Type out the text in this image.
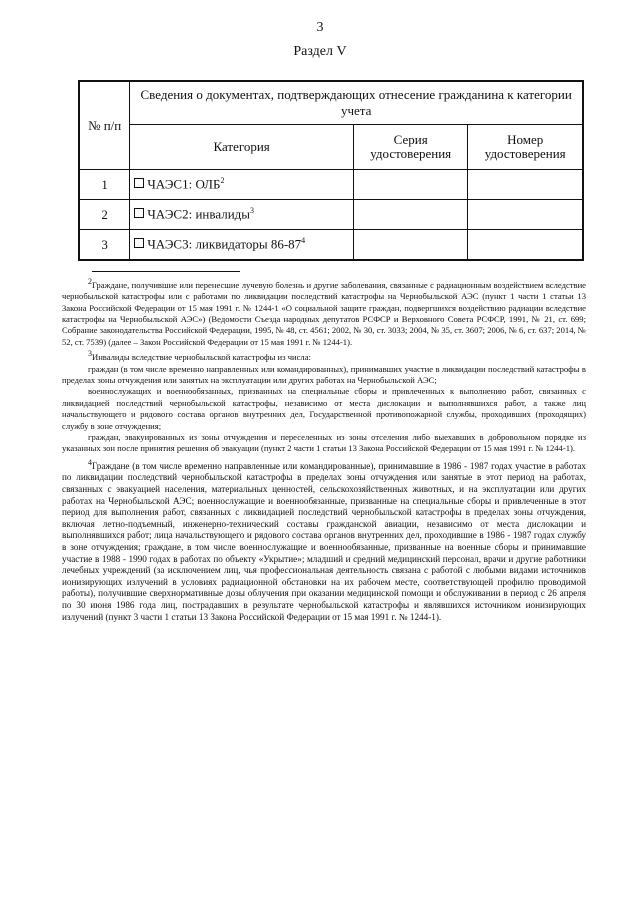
3
Раздел V
№ п/п	Сведения о документах, подтверждающих отнесение гражданина к категории учета		
	Категория	Серия удостоверения	Номер удостоверения
1	ЧАЭС1: ОЛБ$^2$		
2	ЧАЭС2: инвалиды$^3$		
3	ЧАЭС3: ликвидаторы $86-87^4$		

$^2$Граждане, получившие или перенесшие лучевую болезнь и другие заболевания, связанные с радиационным воздействием вследствие чернобыльской катастрофы или с работами по ликвидации последствий катастрофы на Чернобыльской АЭС (пункт 1 части 1 статьи 13 Закона Российской Федерации от 15 мая 1991 г. № 1244-1 «О социальной защите граждан, подвергшихся воздействию радиации вследствие катастрофы на Чернобыльской АЭС») (Ведомости Съезда народных депутатов РСФСР и Верховного Совета РСФСР, 1991, № 21, ст. 699; Собрание законодательства Российской Федерации, 1995, № 48, ст. 4561; 2002, № 30, ст. 3033; 2004, № 35, ст. 3607; 2006, № 6, ст. 637; 2014, № 52, ст. 7539) (далее – Закон Российской Федерации от 15 мая 1991 г. № 1244-1).

$^3$Инвалиды вследствие чернобыльской катастрофы из числа:

граждан (в том числе временно направленных или командированных), принимавших участие в ликвидации последствий катастрофы в пределах зоны отчуждения или занятых на эксплуатации или других работах на Чернобыльской АЭС;

военнослужащих и военнообязанных, призванных на специальные сборы и привлеченных к выполнению работ, связанных с ликвидацией последствий чернобыльской катастрофы, независимо от места дислокации и выполнявшихся работ, а также лиц начальствующего и рядового состава органов внутренних дел, Государственной противопожарной службы, проходивших (проходящих) службу в зоне отчуждения;

граждан, эвакуированных из зоны отчуждения и переселенных из зоны отселения либо выехавших в добровольном порядке из указанных зон после принятия решения об эвакуации (пункт 2 части 1 статьи 13 Закона Российской Федерации от 15 мая 1991 г. № 1244-1).

$^4$Граждане (в том числе временно направленные или командированные), принимавшие в 1986 - 1987 годах участие в работах по ликвидации последствий чернобыльской катастрофы в пределах зоны отчуждения или занятые в этот период на работах, связанных с эвакуацией населения, материальных ценностей, сельскохозяйственных животных, и на эксплуатации или других работах на Чернобыльской АЭС; военнослужащие и военнообязанные, призванные на специальные сборы и привлеченные в этот период для выполнения работ, связанных с ликвидацией последствий чернобыльской катастрофы в пределах зоны отчуждения, включая летно-подъемный, инженерно-технический составы гражданской авиации, независимо от места дислокации и выполнявшихся работ; лица начальствующего и рядового состава органов внутренних дел, проходившие в 1986 - 1987 годах службу в зоне отчуждения; граждане, в том числе военнослужащие и военнообязанные, призванные на военные сборы и принимавшие участие в 1988 - 1990 годах в работах по объекту «Укрытие»; младший и средний медицинский персонал, врачи и другие работники лечебных учреждений (за исключением лиц, чья профессиональная деятельность связана с работой с любыми видами источников ионизирующих излучений в условиях радиационной обстановки на их рабочем месте, соответствующей профилю проводимой работы), получившие сверхнормативные дозы облучения при оказании медицинской помощи и обслуживании в период с 26 апреля по 30 июня 1986 года лиц, пострадавших в результате чернобыльской катастрофы и являвшихся источником ионизирующих излучений (пункт 3 части 1 статьи 13 Закона Российской Федерации от 15 мая 1991 г. № 1244-1).
